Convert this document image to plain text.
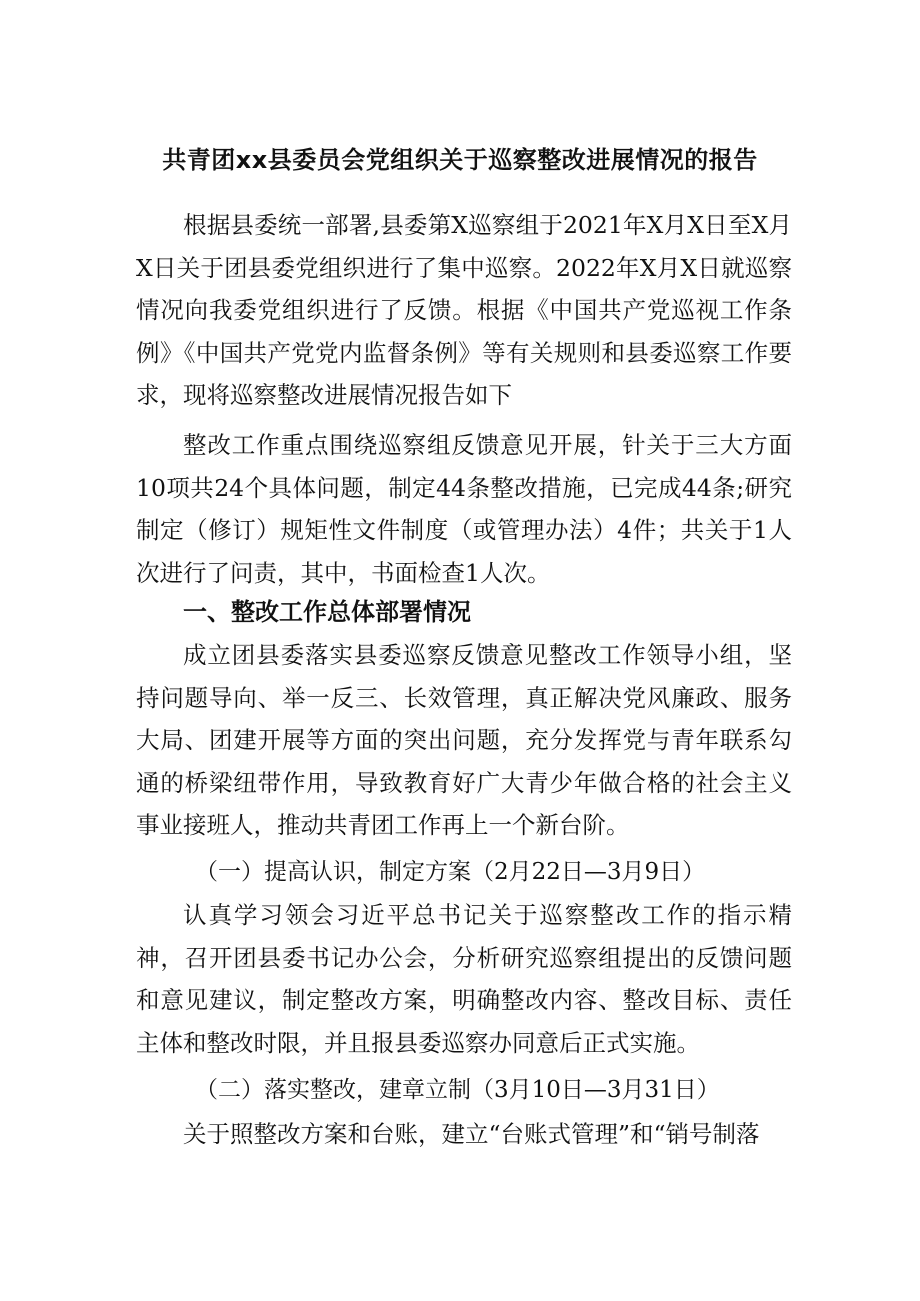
共青团xx县委员会党组织关于巡察整改进展情况的报告

根据县委统一部署,县委第X巡察组于2021年X月X日至X月X日关于团县委党组织进行了集中巡察。2022年X月X日就巡察情况向我委党组织进行了反馈。根据《中国共产党巡视工作条例》《中国共产党党内监督条例》等有关规则和县委巡察工作要求，现将巡察整改进展情况报告如下

整改工作重点围绕巡察组反馈意见开展，针关于三大方面10项共24个具体问题，制定44条整改措施，已完成44条;研究制定（修订）规矩性文件制度（或管理办法）4件；共关于1人次进行了问责，其中，书面检查1人次。

一、整改工作总体部署情况

成立团县委落实县委巡察反馈意见整改工作领导小组，坚持问题导向、举一反三、长效管理，真正解决党风廉政、服务大局、团建开展等方面的突出问题，充分发挥党与青年联系勾通的桥梁纽带作用，导致教育好广大青少年做合格的社会主义事业接班人，推动共青团工作再上一个新台阶。

（一）提高认识，制定方案（2月22日—3月9日）

认真学习领会习近平总书记关于巡察整改工作的指示精神，召开团县委书记办公会，分析研究巡察组提出的反馈问题和意见建议，制定整改方案，明确整改内容、整改目标、责任主体和整改时限，并且报县委巡察办同意后正式实施。

（二）落实整改，建章立制（3月10日—3月31日）

关于照整改方案和台账，建立“台账式管理”和“销号制落
